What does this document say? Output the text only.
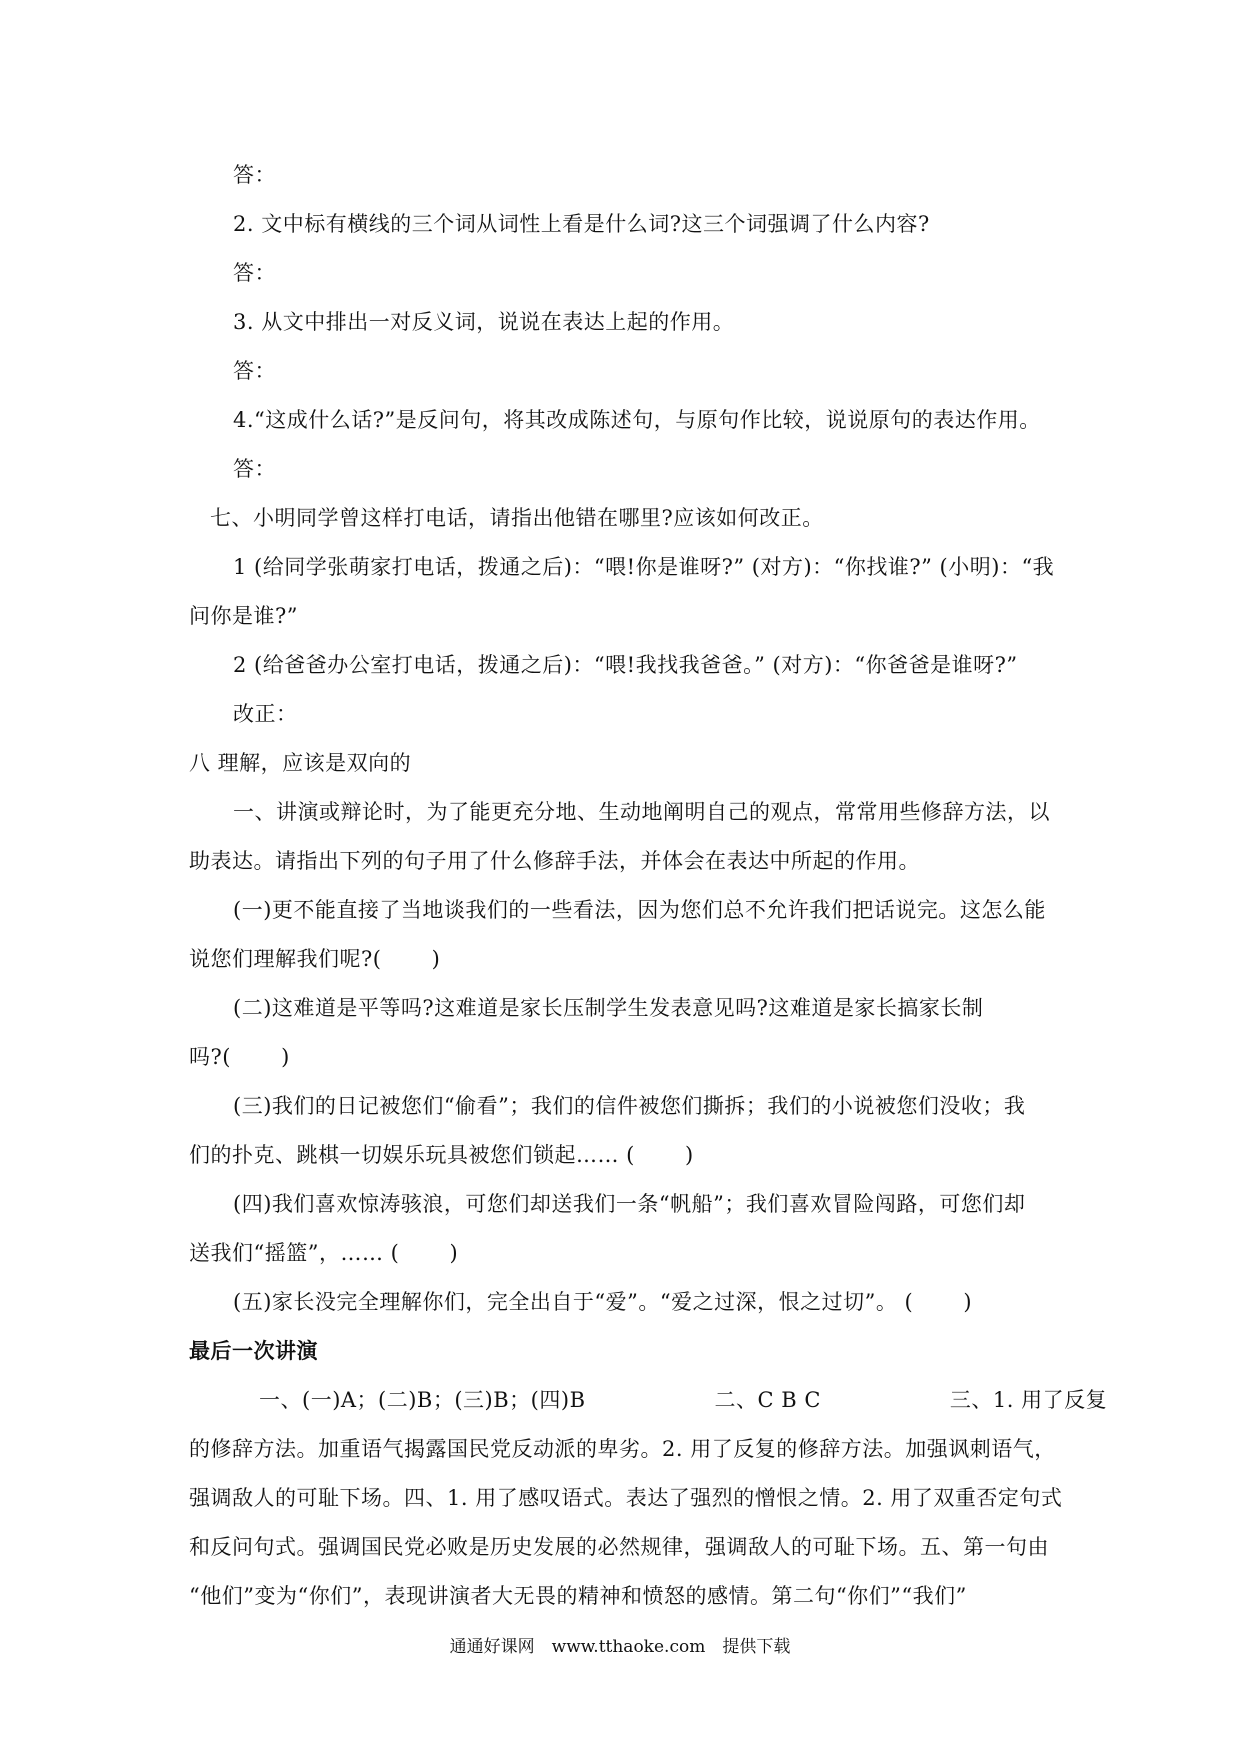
答：
2. 文中标有横线的三个词从词性上看是什么词?这三个词强调了什么内容?
答：
3. 从文中排出一对反义词，说说在表达上起的作用。
答：
4.“这成什么话?”是反问句，将其改成陈述句，与原句作比较，说说原句的表达作用。
答：
七、小明同学曾这样打电话，请指出他错在哪里?应该如何改正。
1 (给同学张萌家打电话，拨通之后)：“喂!你是谁呀?” (对方)：“你找谁?” (小明)：“我
问你是谁?”
2 (给爸爸办公室打电话，拨通之后)：“喂!我找我爸爸。” (对方)：“你爸爸是谁呀?”
改正：
八 理解，应该是双向的
一、讲演或辩论时，为了能更充分地、生动地阐明自己的观点，常常用些修辞方法，以
助表达。请指出下列的句子用了什么修辞手法，并体会在表达中所起的作用。
(一)更不能直接了当地谈我们的一些看法，因为您们总不允许我们把话说完。这怎么能
说您们理解我们呢?(　　 )
(二)这难道是平等吗?这难道是家长压制学生发表意见吗?这难道是家长搞家长制
吗?(　　 )
(三)我们的日记被您们“偷看”；我们的信件被您们撕拆；我们的小说被您们没收；我
们的扑克、跳棋一切娱乐玩具被您们锁起…… (　　 )
(四)我们喜欢惊涛骇浪，可您们却送我们一条“帆船”；我们喜欢冒险闯路，可您们却
送我们“摇篮”，…… (　　 )
(五)家长没完全理解你们，完全出自于“爱”。“爱之过深，恨之过切”。 (　　 )
最后一次讲演
一、(一)A；(二)B；(三)B；(四)B　　　　　　二、C B C　　　　　　三、1. 用了反复
的修辞方法。加重语气揭露国民党反动派的卑劣。2. 用了反复的修辞方法。加强讽刺语气，
强调敌人的可耻下场。四、1. 用了感叹语式。表达了强烈的憎恨之情。2. 用了双重否定句式
和反问句式。强调国民党必败是历史发展的必然规律，强调敌人的可耻下场。五、第一句由
“他们”变为“你们”，表现讲演者大无畏的精神和愤怒的感情。第二句“你们”“我们”
通通好课网　www.tthaoke.com　提供下载
